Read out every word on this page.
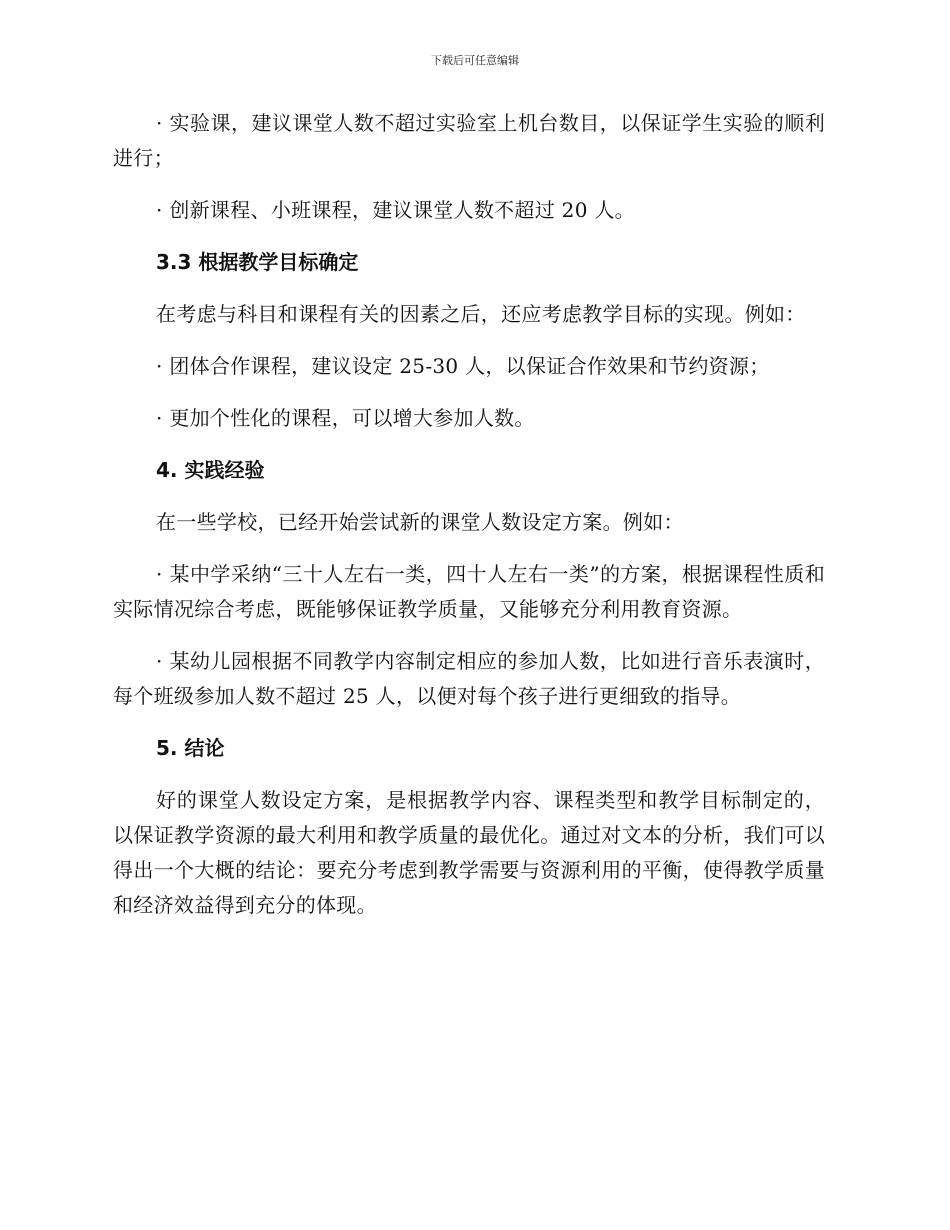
下载后可任意编辑

· 实验课，建议课堂人数不超过实验室上机台数目，以保证学生实验的顺利进行；

· 创新课程、小班课程，建议课堂人数不超过 20 人。

3.3 根据教学目标确定

在考虑与科目和课程有关的因素之后，还应考虑教学目标的实现。例如：

· 团体合作课程，建议设定 25-30 人，以保证合作效果和节约资源；

· 更加个性化的课程，可以增大参加人数。

4. 实践经验

在一些学校，已经开始尝试新的课堂人数设定方案。例如：

· 某中学采纳“三十人左右一类，四十人左右一类”的方案，根据课程性质和实际情况综合考虑，既能够保证教学质量，又能够充分利用教育资源。

· 某幼儿园根据不同教学内容制定相应的参加人数，比如进行音乐表演时，每个班级参加人数不超过 25 人，以便对每个孩子进行更细致的指导。

5. 结论

好的课堂人数设定方案，是根据教学内容、课程类型和教学目标制定的，以保证教学资源的最大利用和教学质量的最优化。通过对文本的分析，我们可以得出一个大概的结论：要充分考虑到教学需要与资源利用的平衡，使得教学质量和经济效益得到充分的体现。
